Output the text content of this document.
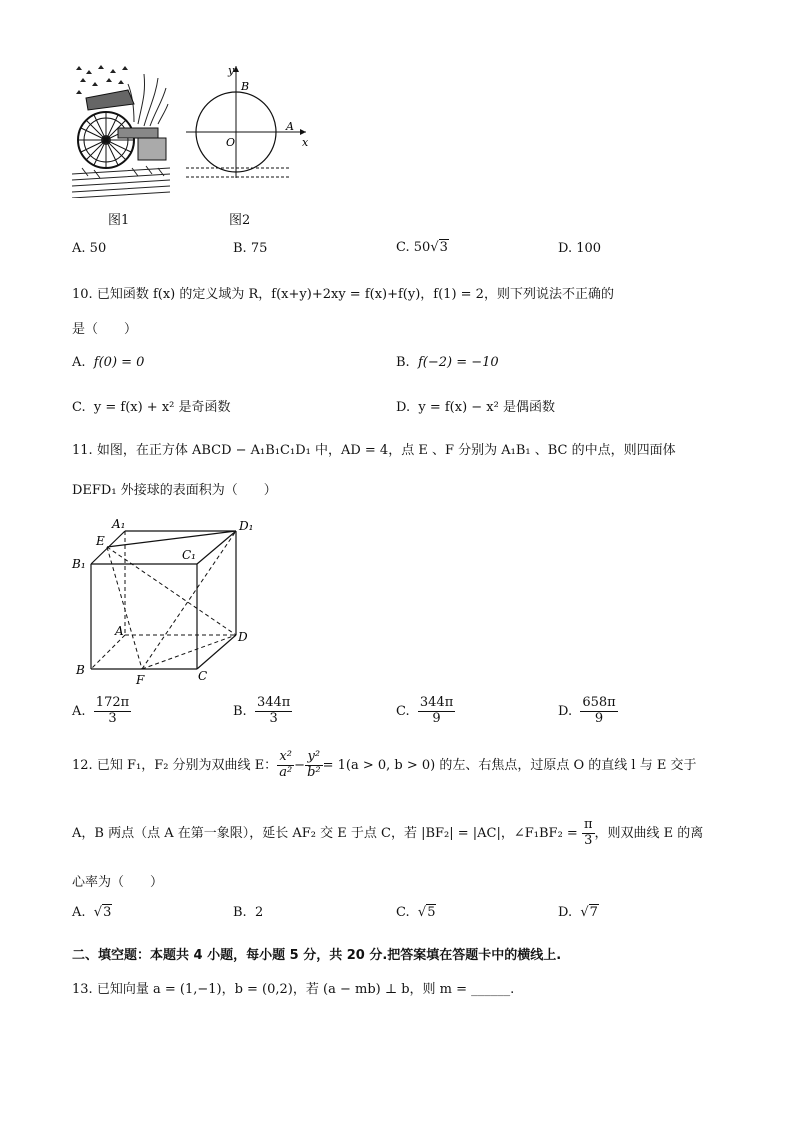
y
B
A
O	x
图1	图2
A. 50	B. 75	C. 50√3	D. 100
10. 已知函数 f(x) 的定义域为 R，f(x+y)+2xy = f(x)+f(y)，f(1) = 2，则下列说法不正确的
是（　　）
A. f(0) = 0	B. f(−2) = −10
C. y = f(x) + x² 是奇函数	D. y = f(x) − x² 是偶函数
11. 如图，在正方体 ABCD − A₁B₁C₁D₁ 中，AD = 4，点 E 、F 分别为 A₁B₁ 、BC 的中点，则四面体
DEFD₁ 外接球的表面积为（　　）
A₁	D₁
E
C₁
B₁
A	D
B
F	C
A. $\frac{172\pi}{3}$	B. $\frac{344\pi}{3}$	C. $\frac{344\pi}{9}$	D. $\frac{658\pi}{9}$
12. 已知 F₁，F₂ 分别为双曲线 E： $\frac{\text{x²}}{\text{a²}} - \frac{\text{y²}}{\text{b²}} = 1(a > 0$, b > 0) 的左、右焦点，过原点 O 的直线 l 与 E 交于
A，B 两点（点 A 在第一象限），延长 AF₂ 交 E 于点 C，若 |BF₂| = |AC|，∠F₁BF₂ = $\frac{\pi}{3}$ ，则双曲线 E 的离
心率为（　　）
A. √3	B. 2	C. √5	D. √7
二、填空题：本题共 4 小题，每小题 5 分，共 20 分.把答案填在答题卡中的横线上.
13. 已知向量 a = (1,−1)，b = (0,2)，若 (a − mb) ⊥ b，则 m = ______.
